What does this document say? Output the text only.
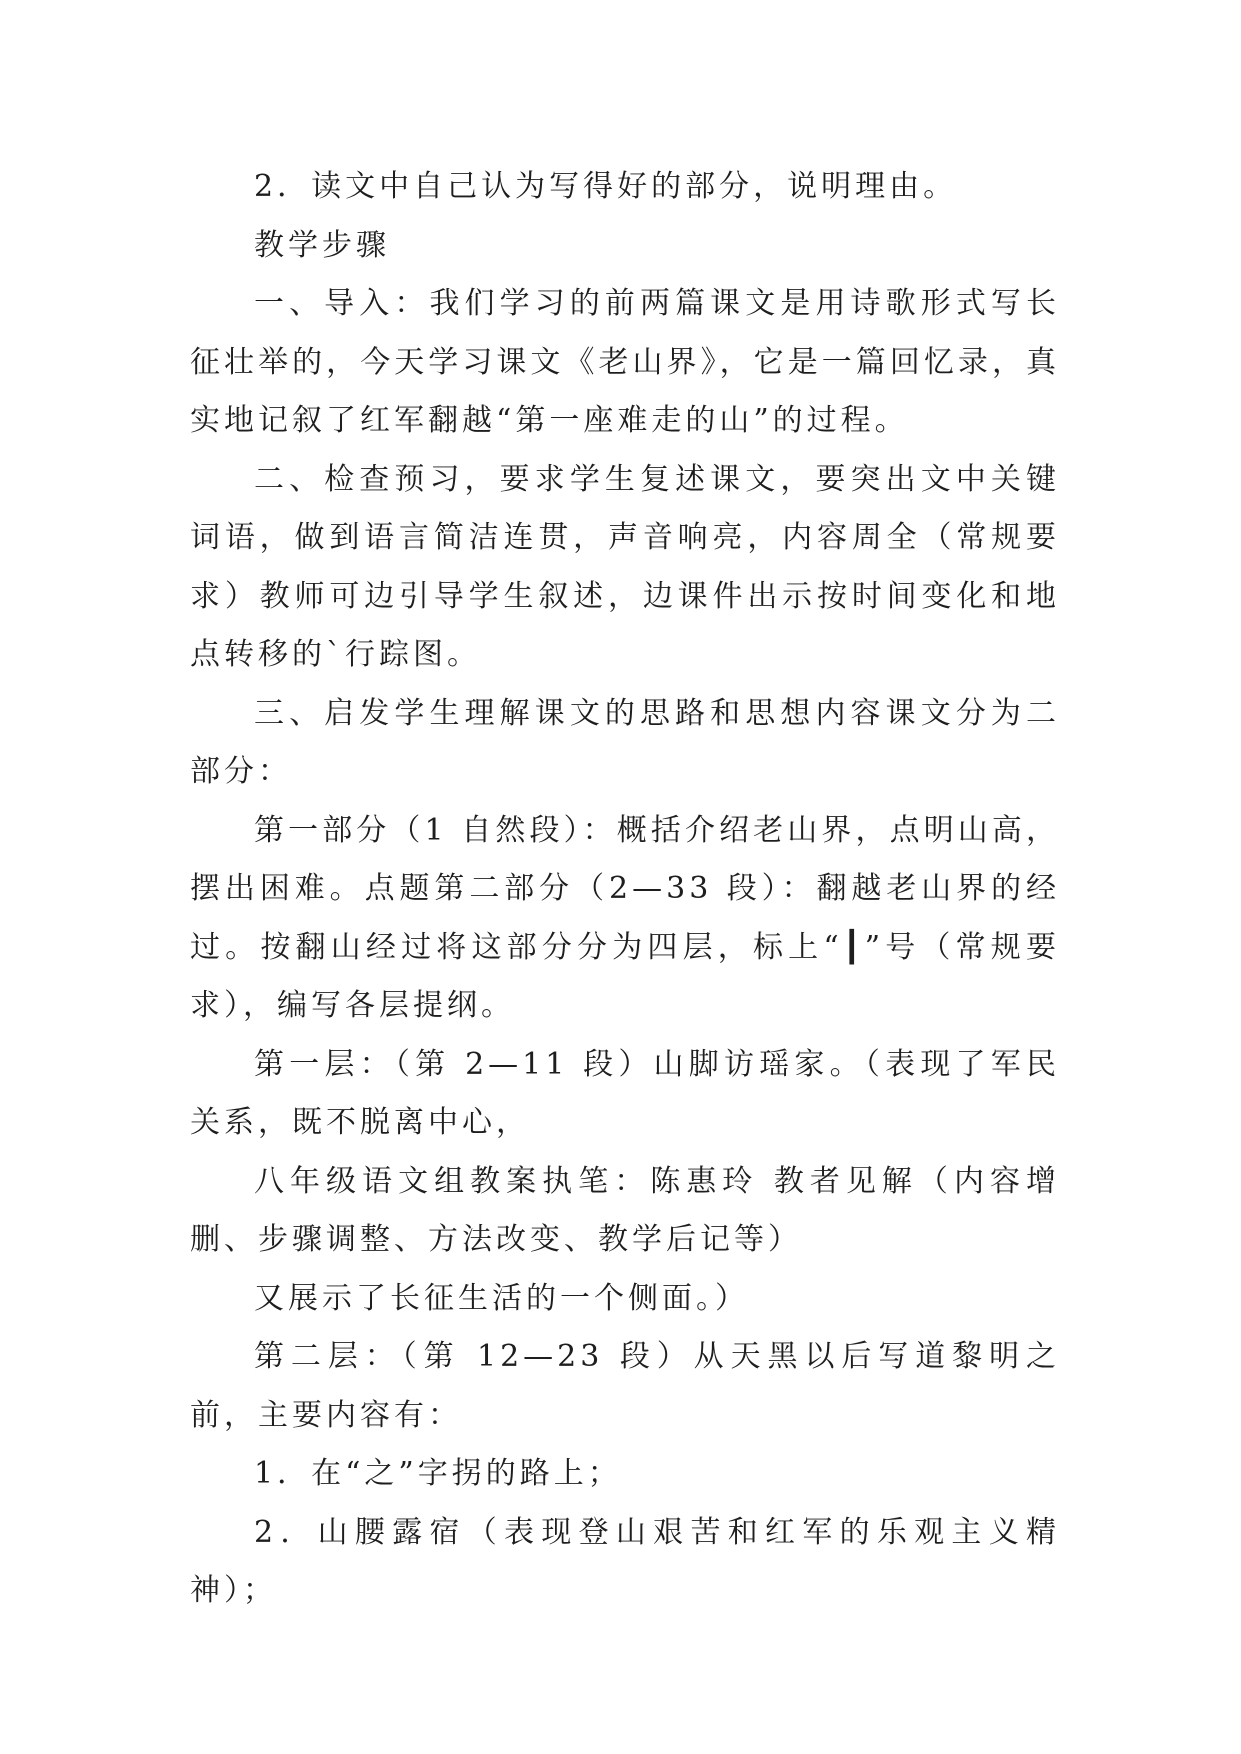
2．读文中自己认为写得好的部分，说明理由。

教学步骤

一、导入：我们学习的前两篇课文是用诗歌形式写长征壮举的，今天学习课文《老山界》，它是一篇回忆录，真实地记叙了红军翻越“第一座难走的山”的过程。

二、检查预习，要求学生复述课文，要突出文中关键词语，做到语言简洁连贯，声音响亮，内容周全（常规要求）教师可边引导学生叙述，边课件出示按时间变化和地点转移的`行踪图。

三、启发学生理解课文的思路和思想内容课文分为二部分：

第一部分（1 自然段）：概括介绍老山界，点明山高，摆出困难。点题第二部分（2—33 段）：翻越老山界的经过。按翻山经过将这部分分为四层，标上“┃”号（常规要求），编写各层提纲。

第一层：（第 2—11 段）山脚访瑶家。（表现了军民关系，既不脱离中心，

八年级语文组教案执笔：陈惠玲 教者见解（内容增删、步骤调整、方法改变、教学后记等）

又展示了长征生活的一个侧面。）

第二层：（第 12—23 段）从天黑以后写道黎明之前，主要内容有：

1．在“之”字拐的路上；

2．山腰露宿（表现登山艰苦和红军的乐观主义精神）；
